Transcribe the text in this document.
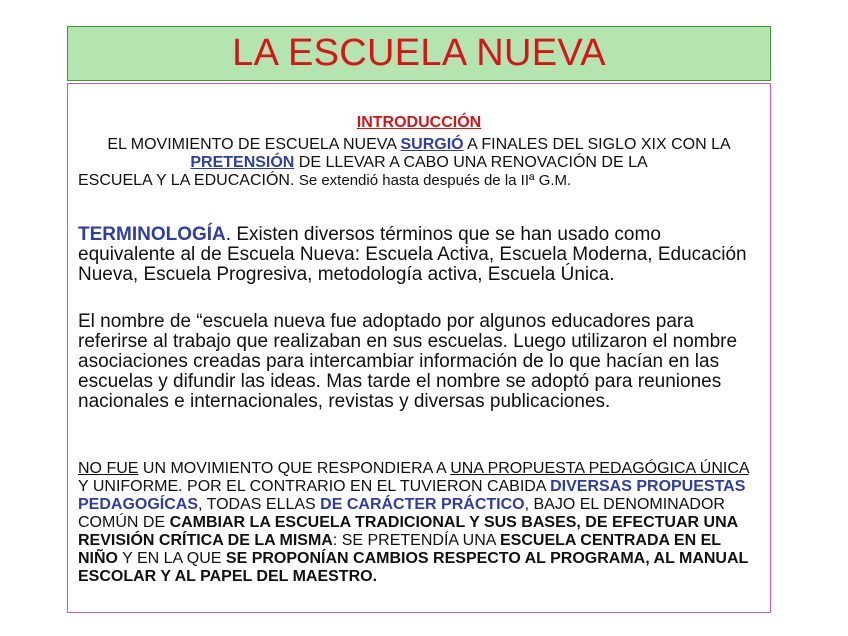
LA ESCUELA NUEVA
INTRODUCCIÓN
EL MOVIMIENTO DE ESCUELA NUEVA SURGIÓ A FINALES DEL SIGLO XIX CON LA PRETENSIÓN DE LLEVAR A CABO UNA RENOVACIÓN DE LA
ESCUELA Y LA EDUCACIÓN. Se extendió hasta después de la IIª G.M.
TERMINOLOGÍA. Existen diversos términos que se han usado como equivalente al de Escuela Nueva: Escuela Activa, Escuela Moderna, Educación Nueva, Escuela Progresiva, metodología activa, Escuela Única.
El nombre de “escuela nueva fue adoptado por algunos educadores para referirse al trabajo que realizaban en sus escuelas. Luego utilizaron el nombre asociaciones creadas para intercambiar información de lo que hacían en las escuelas y difundir las ideas. Mas tarde el nombre se adoptó para reuniones nacionales e internacionales, revistas y diversas publicaciones.
NO FUE UN MOVIMIENTO QUE RESPONDIERA A UNA PROPUESTA PEDAGÓGICA ÚNICA Y UNIFORME. POR EL CONTRARIO EN EL TUVIERON CABIDA DIVERSAS PROPUESTAS PEDAGOGÍCAS, TODAS ELLAS DE CARÁCTER PRÁCTICO, BAJO EL DENOMINADOR COMÚN DE CAMBIAR LA ESCUELA TRADICIONAL Y SUS BASES, DE EFECTUAR UNA REVISIÓN CRÍTICA DE LA MISMA: SE PRETENDÍA UNA ESCUELA CENTRADA EN EL NIÑO Y EN LA QUE SE PROPONÍAN CAMBIOS RESPECTO AL PROGRAMA, AL MANUAL ESCOLAR Y AL PAPEL DEL MAESTRO.
